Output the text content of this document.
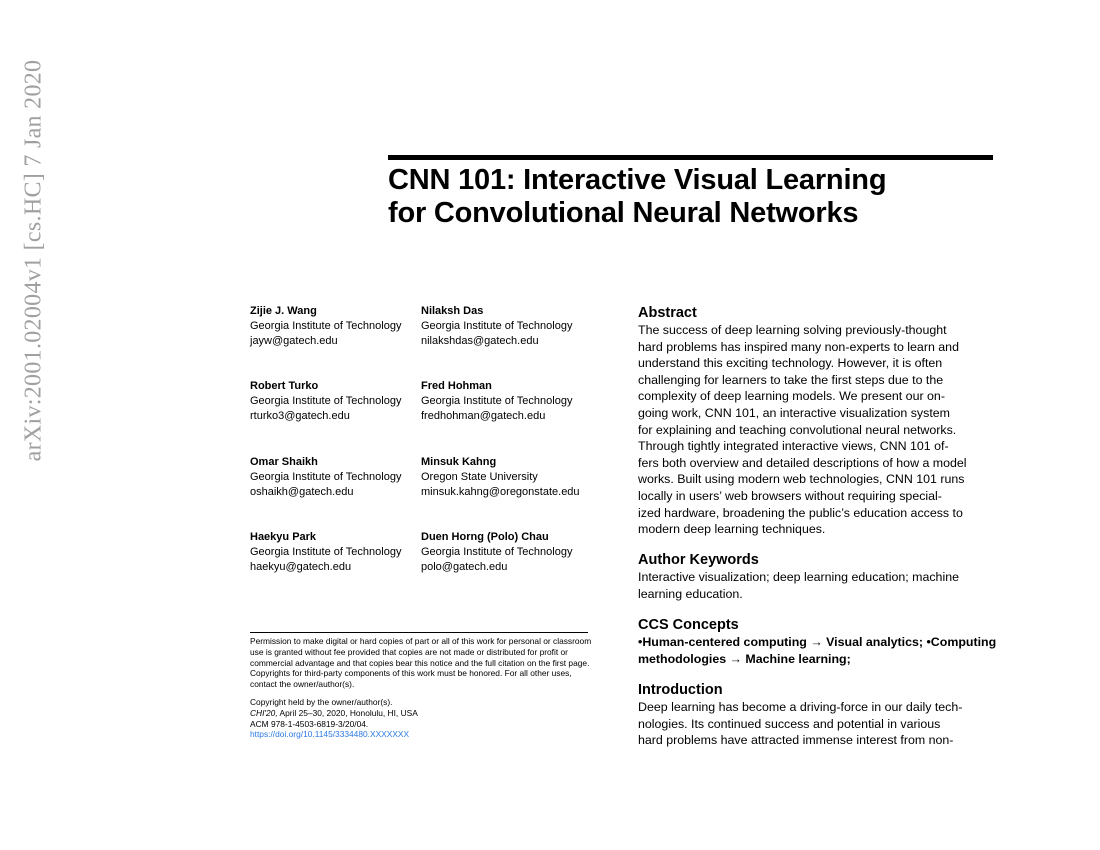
arXiv:2001.02004v1 [cs.HC] 7 Jan 2020	CNN 101: Interactive Visual Learning
for Convolutional Neural Networks
Zijie J. Wang
Georgia Institute of Technology
jayw@gatech.edu
Nilaksh Das
Georgia Institute of Technology
nilakshdas@gatech.edu
Robert Turko
Georgia Institute of Technology
rturko3@gatech.edu
Fred Hohman
Georgia Institute of Technology
fredhohman@gatech.edu
Omar Shaikh
Georgia Institute of Technology
oshaikh@gatech.edu
Minsuk Kahng
Oregon State University
minsuk.kahng@oregonstate.edu
Haekyu Park
Georgia Institute of Technology
haekyu@gatech.edu
Duen Horng (Polo) Chau
Georgia Institute of Technology
polo@gatech.edu

Permission to make digital or hard copies of part or all of this work for personal or classroom use is granted without fee provided that copies are not made or distributed for profit or commercial advantage and that copies bear this notice and the full citation on the first page. Copyrights for third-party components of this work must be honored. For all other uses, contact the owner/author(s).

Copyright held by the owner/author(s).
CHI'20, April 25–30, 2020, Honolulu, HI, USA
ACM 978-1-4503-6819-3/20/04.
https://doi.org/10.1145/3334480.XXXXXXX
Abstract

The success of deep learning solving previously-thought
hard problems has inspired many non-experts to learn and
understand this exciting technology. However, it is often
challenging for learners to take the first steps due to the
complexity of deep learning models. We present our on-
going work, CNN 101, an interactive visualization system
for explaining and teaching convolutional neural networks.
Through tightly integrated interactive views, CNN 101 of-
fers both overview and detailed descriptions of how a model
works. Built using modern web technologies, CNN 101 runs
locally in users’ web browsers without requiring special-
ized hardware, broadening the public’s education access to
modern deep learning techniques.

Author Keywords

Interactive visualization; deep learning education; machine
learning education.

CCS Concepts

•Human-centered computing → Visual analytics; •Computing
methodologies → Machine learning;

Introduction

Deep learning has become a driving-force in our daily tech-
nologies. Its continued success and potential in various
hard problems have attracted immense interest from non-
